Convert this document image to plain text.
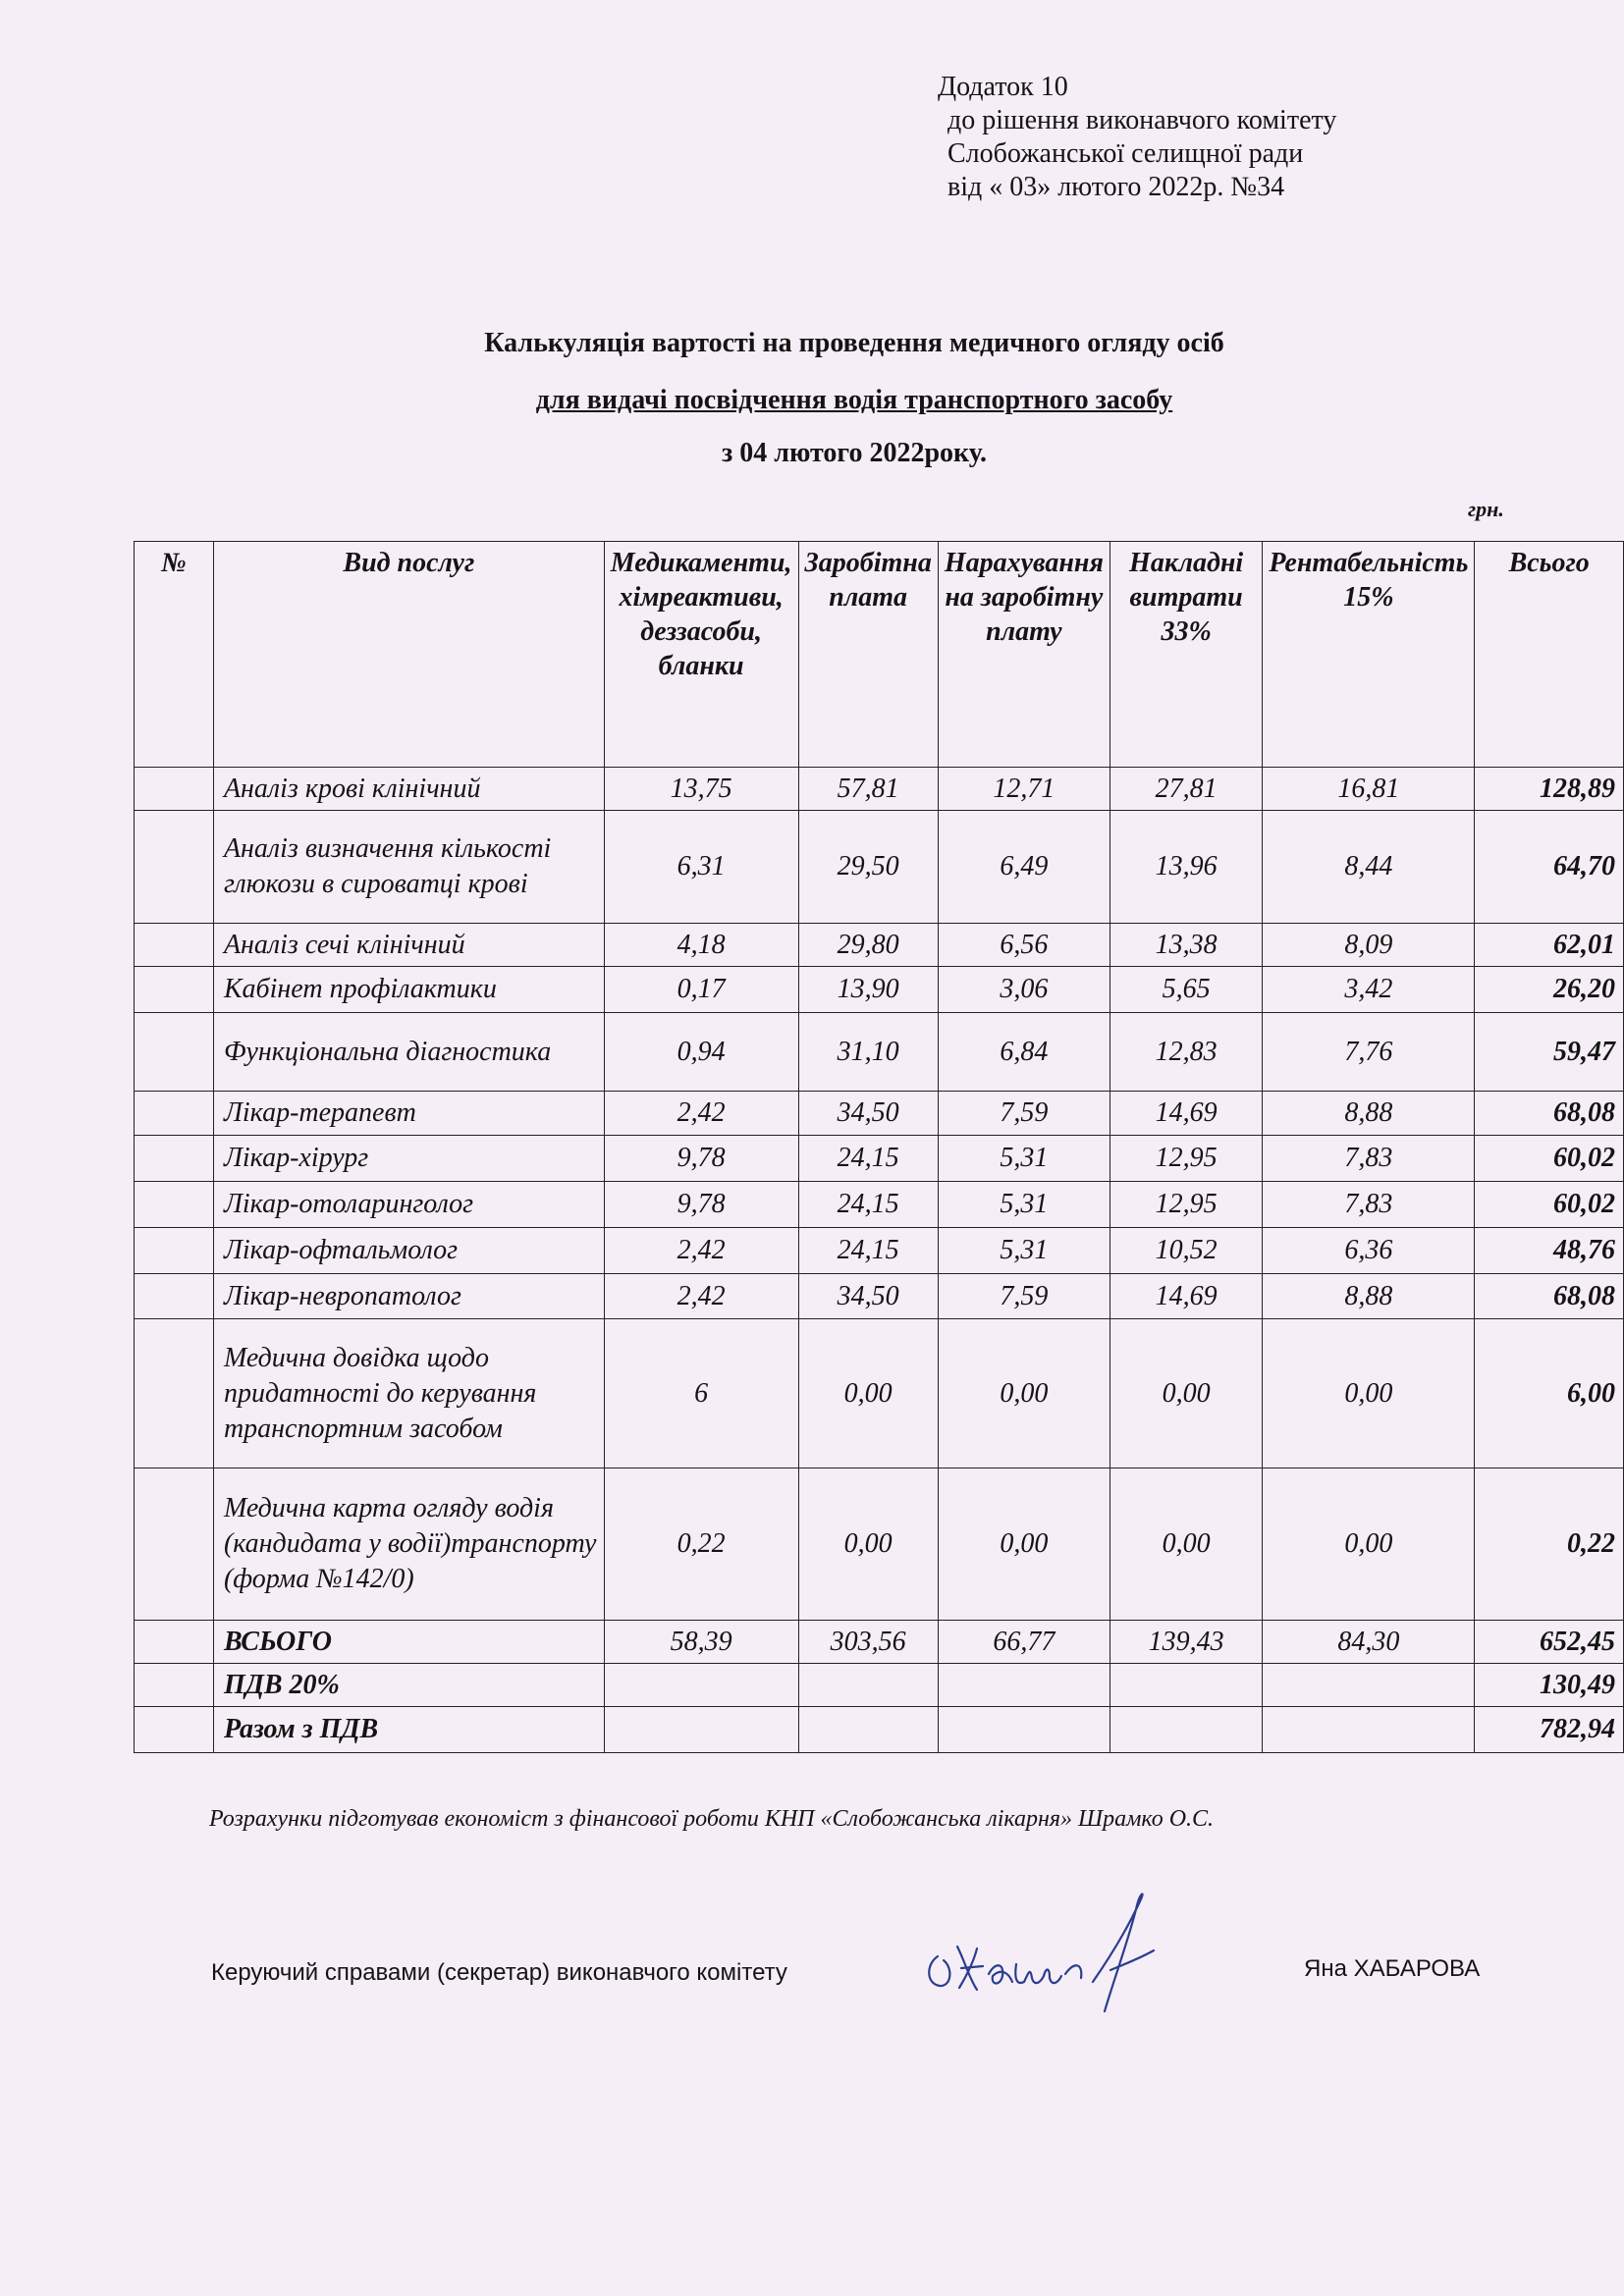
Додаток 10
до рішення виконавчого комітету
Слобожанської селищної ради
від « 03» лютого 2022р. №34
Калькуляція вартості на проведення медичного огляду осіб
для видачі посвідчення водія транспортного засобу
з 04 лютого 2022року.
грн.
№	Вид послуг	Медикаменти, хімреактиви, деззасоби, бланки	Заробітна плата	Нарахування на заробітну плату	Накладні витрати 33%	Рентабельність 15%	Всього
	Аналіз крові клінічний	13,75	57,81	12,71	27,81	16,81	128,89
	Аналіз визначення кількості глюкози в сироватці крові	6,31	29,50	6,49	13,96	8,44	64,70
	Аналіз сечі клінічний	4,18	29,80	6,56	13,38	8,09	62,01
	Кабінет профілактики	0,17	13,90	3,06	5,65	3,42	26,20
	Функціональна діагностика	0,94	31,10	6,84	12,83	7,76	59,47
	Лікар-терапевт	2,42	34,50	7,59	14,69	8,88	68,08
	Лікар-хірург	9,78	24,15	5,31	12,95	7,83	60,02
	Лікар-отоларинголог	9,78	24,15	5,31	12,95	7,83	60,02
	Лікар-офтальмолог	2,42	24,15	5,31	10,52	6,36	48,76
	Лікар-невропатолог	2,42	34,50	7,59	14,69	8,88	68,08
	Медична довідка щодо придатності до керування транспортним засобом	6	0,00	0,00	0,00	0,00	6,00
	Медична карта огляду водія (кандидата у водії)транспорту (форма №142/0)	0,22	0,00	0,00	0,00	0,00	0,22
	ВСЬОГО	58,39	303,56	66,77	139,43	84,30	652,45
	ПДВ 20%						130,49
	Разом з ПДВ						782,94
Розрахунки підготував економіст з фінансової роботи КНП «Слобожанська лікарня» Шрамко О.С.
Керуючий справами (секретар) виконавчого комітету	Яна ХАБАРОВА
